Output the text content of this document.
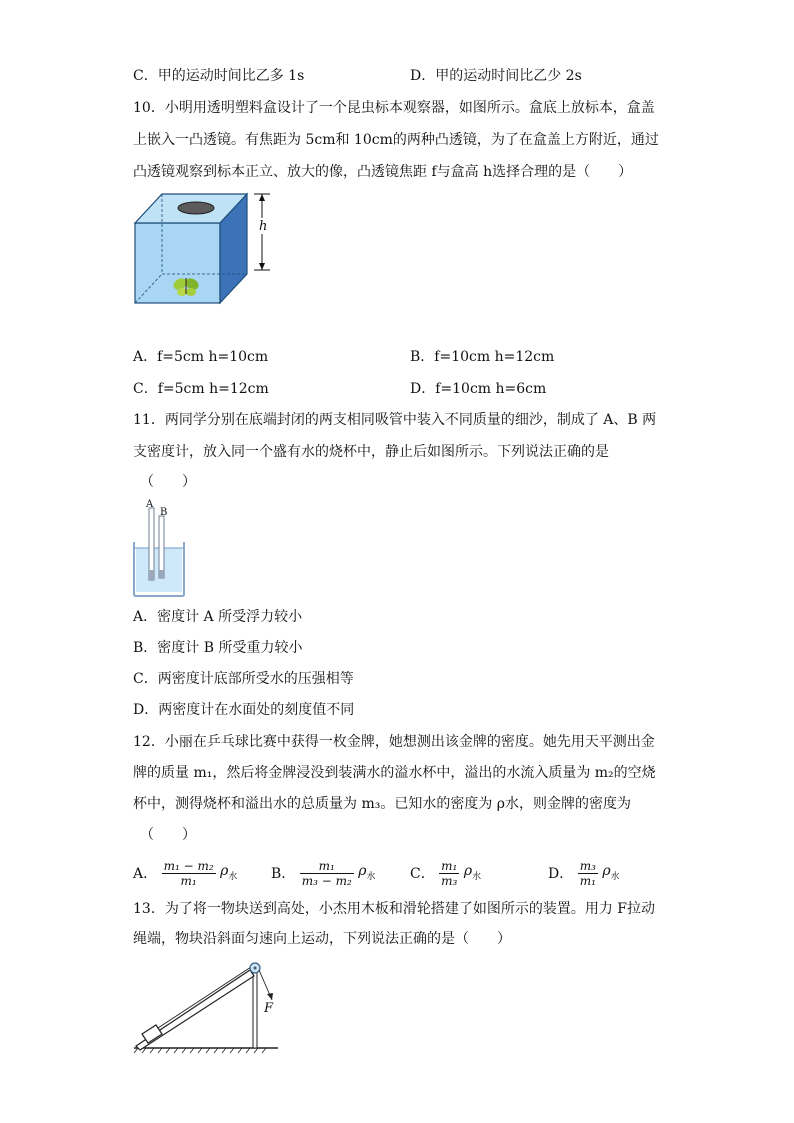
C．甲的运动时间比乙多 1s	D．甲的运动时间比乙少 2s
10．小明用透明塑料盒设计了一个昆虫标本观察器，如图所示。盒底上放标本，盒盖
上嵌入一凸透镜。有焦距为 5cm和 10cm的两种凸透镜，为了在盒盖上方附近，通过
凸透镜观察到标本正立、放大的像，凸透镜焦距 f与盒高 h选择合理的是（　　）
h
A．f=5cm h=10cm	B．f=10cm h=12cm
C．f=5cm h=12cm	D．f=10cm h=6cm
11．两同学分别在底端封闭的两支相同吸管中装入不同质量的细沙，制成了 A、B 两
支密度计，放入同一个盛有水的烧杯中，静止后如图所示。下列说法正确的是
（　　）
A
B
A．密度计 A 所受浮力较小
B．密度计 B 所受重力较小
C．两密度计底部所受水的压强相等
D．两密度计在水面处的刻度值不同
12．小丽在乒乓球比赛中获得一枚金牌，她想测出该金牌的密度。她先用天平测出金
牌的质量 m₁，然后将金牌浸没到装满水的溢水杯中，溢出的水流入质量为 m₂的空烧
杯中，测得烧杯和溢出水的总质量为 m₃。已知水的密度为 ρ水，则金牌的密度为
（　　）
A． $\frac{\text{m₁ − m₂}}{\text{m₁}} \rho_水$ B． $\frac{\text{m₁}}{\text{m₃ − m₂}} \rho_水$ C． $\frac{\text{m₁}}{\text{m₃}} \rho_水$	D． $\frac{\text{m₃}}{\text{m₁}} \rho_水$
13．为了将一物块送到高处，小杰用木板和滑轮搭建了如图所示的装置。用力 F拉动
绳端，物块沿斜面匀速向上运动，下列说法正确的是（　　）
F
